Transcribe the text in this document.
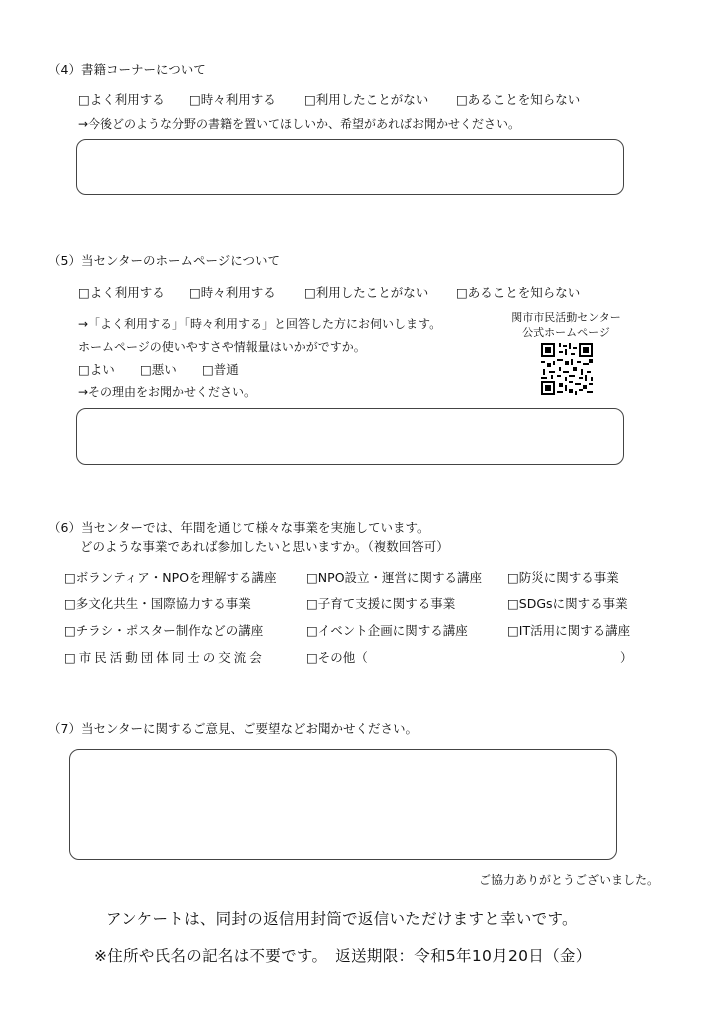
（4）書籍コーナーについて
□よく利用する □時々利用する □利用したことがない □あることを知らない
→今後どのような分野の書籍を置いてほしいか、希望があればお聞かせください。
（5）当センターのホームページについて
□よく利用する □時々利用する □利用したことがない □あることを知らない
→「よく利用する」「時々利用する」と回答した方にお伺いします。
ホームページの使いやすさや情報量はいかがですか。
□よい □悪い □普通
→その理由をお聞かせください。
関市市民活動センター
公式ホームページ
（6）当センターでは、年間を通じて様々な事業を実施しています。
どのような事業であれば参加したいと思いますか。（複数回答可）
□ボランティア・NPOを理解する講座 □NPO設立・運営に関する講座 □防災に関する事業
□多文化共生・国際協力する事業	□子育て支援に関する事業	□SDGsに関する事業
□チラシ・ポスター制作などの講座	□イベント企画に関する講座	□IT活用に関する講座
□市民活動団体同士の交流会	□その他（	）
（7）当センターに関するご意見、ご要望などお聞かせください。
ご協力ありがとうございました。
アンケートは、同封の返信用封筒で返信いただけますと幸いです。
※住所や氏名の記名は不要です。　返送期限：令和5年10月20日（金）
